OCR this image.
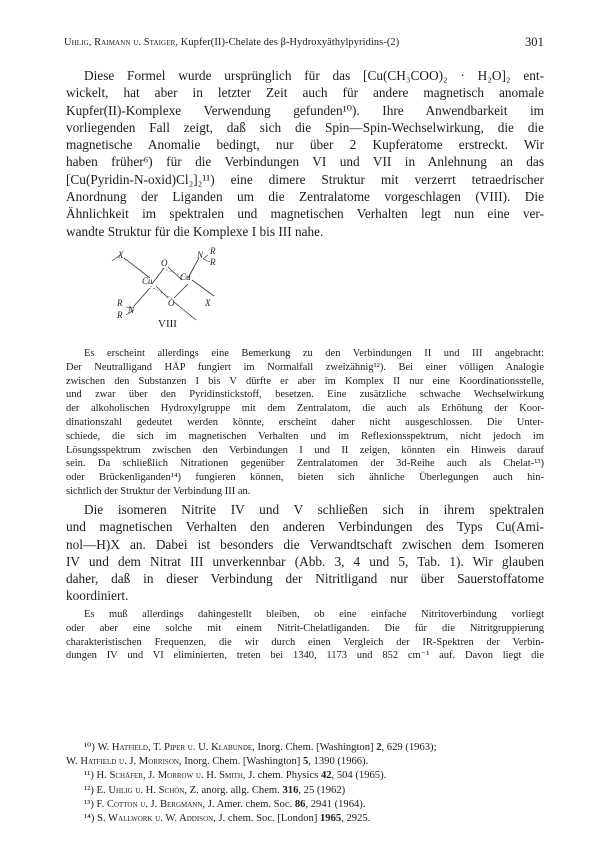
Uhlig, Raimann u. Staiger, Kupfer(II)-Chelate des β-Hydroxyäthylpyridins-(2)	301
Diese Formel wurde ursprünglich für das [Cu(CH₃COO)₂ · H₂O]₂ ent-
wickelt, hat aber in letzter Zeit auch für andere magnetisch anomale
Kupfer(II)-Komplexe Verwendung gefunden¹⁰). Ihre Anwendbarkeit im
vorliegenden Fall zeigt, daß sich die Spin—Spin-Wechselwirkung, die die
magnetische Anomalie bedingt, nur über 2 Kupferatome erstreckt. Wir
haben früher⁶) für die Verbindungen VI und VII in Anlehnung an das
[Cu(Pyridin-N-oxid)Cl₂]₂¹¹) eine dimere Struktur mit verzerrt tetraedrischer
Anordnung der Liganden um die Zentralatome vorgeschlagen (VIII). Die
Ähnlichkeit im spektralen und magnetischen Verhalten legt nun eine ver-
wandte Struktur für die Komplexe I bis III nahe.
X
O
N R
R
Cu	Cu
R
R N
O	X
VIII
Es erscheint allerdings eine Bemerkung zu den Verbindungen II und III angebracht:
Der Neutralligand HÄP fungiert im Normalfall zweizähnig¹²). Bei einer völligen Analogie
zwischen den Substanzen I bis V dürfte er aber im Komplex II nur eine Koordinationsstelle,
und zwar über den Pyridinstickstoff, besetzen. Eine zusätzliche schwache Wechselwirkung
der alkoholischen Hydroxylgruppe mit dem Zentralatom, die auch als Erhöhung der Koor-
dinationszahl gedeutet werden könnte, erscheint daher nicht ausgeschlossen. Die Unter-
schiede, die sich im magnetischen Verhalten und im Reflexionsspektrum, nicht jedoch im
Lösungsspektrum zwischen den Verbindungen I und II zeigen, könnten ein Hinweis darauf
sein. Da schließlich Nitrationen gegenüber Zentralatomen der 3d-Reihe auch als Chelat-¹³)
oder Brückenliganden¹⁴) fungieren können, bieten sich ähnliche Überlegungen auch hin-
sichtlich der Struktur der Verbindung III an.
Die isomeren Nitrite IV und V schließen sich in ihrem spektralen
und magnetischen Verhalten den anderen Verbindungen des Typs Cu(Ami-
nol—H)X an. Dabei ist besonders die Verwandtschaft zwischen dem Isomeren
IV und dem Nitrat III unverkennbar (Abb. 3, 4 und 5, Tab. 1). Wir glauben
daher, daß in dieser Verbindung der Nitritligand nur über Sauerstoffatome
koordiniert.
Es muß allerdings dahingestellt bleiben, ob eine einfache Nitritoverbindung vorliegt
oder aber eine solche mit einem Nitrit-Chelatliganden. Die für die Nitritgruppierung
charakteristischen Frequenzen, die wir durch einen Vergleich der IR-Spektren der Verbin-
dungen IV und VI eliminierten, treten bei 1340, 1173 und 852 cm⁻¹ auf. Davon liegt die
¹⁰) W. Hatfield, T. Piper u. U. Klabunde, Inorg. Chem. [Washington] 2, 629 (1963);
W. Hatfield u. J. Morrison, Inorg. Chem. [Washington] 5, 1390 (1966).
¹¹) H. Schäfer, J. Morrow u. H. Smith, J. chem. Physics 42, 504 (1965).
¹²) E. Uhlig u. H. Schön, Z. anorg. allg. Chem. 316, 25 (1962)
¹³) F. Cotton u. J. Bergmann, J. Amer. chem. Soc. 86, 2941 (1964).
¹⁴) S. Wallwork u. W. Addison, J. chem. Soc. [London] 1965, 2925.
